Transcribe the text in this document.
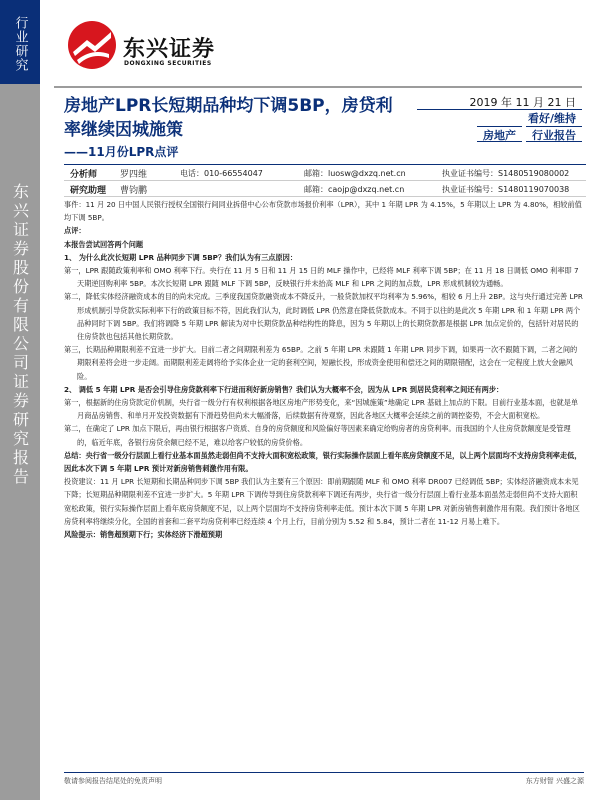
行业研究
东兴证券股份有限公司证券研究报告
东兴证券
DONGXING SECURITIES
房地产LPR长短期品种均下调5BP，房贷利率继续因城施策
——11月份LPR点评
2019 年 11 月 21 日
看好/维持
房地产	行业报告
分析师	罗四维	电话：010-66554047	邮箱：luosw@dxzq.net.cn	执业证书编号：S1480519080002
研究助理 曹钧鹏	邮箱：caojp@dxzq.net.cn	执业证书编号：S1480119070038

事件：11 月 20 日中国人民银行授权全国银行间同业拆借中心公布贷款市场报价利率（LPR），其中 1 年期 LPR 为 4.15%，5 年期以上 LPR 为 4.80%，相较前值均下调 5BP。

点评：

本报告尝试回答两个问题

1、 为什么此次长短期 LPR 品种同步下调 5BP？我们认为有三点原因：

第一，LPR 跟随政策利率和 OMO 利率下行。央行在 11 月 5 日和 11 月 15 日的 MLF 操作中，已经将 MLF 利率下调 5BP；在 11 月 18 日调低 OMO 利率即 7 天期逆回购利率 5BP。本次长短期 LPR 跟随 MLF 下调 5BP，反映银行并未抬高 MLF 和 LPR 之间的加点数，LPR 形成机制较为通畅。

第二，降低实体经济融资成本的目的尚未完成。三季度我国贷款融资成本不降反升，一般贷款加权平均利率为 5.96%，相较 6 月上升 2BP。这与央行通过完善 LPR 形成机制引导贷款实际利率下行的政策目标不符，因此我们认为，此时调低 LPR 仍然意在降低贷款成本。不同于以往的是此次 5 年期 LPR 和 1 年期 LPR 两个品种同时下调 5BP。我们将调降 5 年期 LPR 解读为对中长期贷款品种结构性的降息，因为 5 年期以上的长期贷款都是根据 LPR 加点定价的，包括针对居民的住房贷款也包括其他长期贷款。

第三，长期品种期限利差不宜进一步扩大。目前二者之间期限利差为 65BP。之前 5 年期 LPR 未跟随 1 年期 LPR 同步下调，如果再一次不跟随下调，二者之间的期限利差将会进一步走阔。而期限利差走阔将给予实体企业一定的套利空间，短融长投，形成资金使用和偿还之间的期限错配，这会在一定程度上放大金融风险。

2、 调低 5 年期 LPR 是否会引导住房贷款利率下行进而利好新房销售？我们认为大概率不会，因为从 LPR 到居民贷利率之间还有两步：

第一，根据新的住房贷款定价机制，央行省一级分行有权利根据各地区房地产形势变化，来“因城施策”地确定 LPR 基础上加点的下限。目前行业基本面，也就是单月商品房销售、和单月开发投资数据有下滑趋势但尚未大幅滑落，后续数据有待观察，因此各地区大概率会延续之前的调控姿势，不会大面积宽松。

第二，在确定了 LPR 加点下限后，再由银行根据客户资质、自身的房贷额度和风险偏好等因素来确定给购房者的房贷利率。而我国的个人住房贷款额度是受管理的，临近年底，各银行房贷余额已经不足，难以给客户较低的房贷价格。

总结：央行省一级分行层面上看行业基本面虽然走弱但尚不支持大面积宽松政策，银行实际操作层面上看年底房贷额度不足，以上两个层面均不支持房贷利率走低，因此本次下调 5 年期 LPR 预计对新房销售刺激作用有限。

投资建议：11 月 LPR 长短期和长期品种同步下调 5BP 我们认为主要有三个原因：即前期跟随 MLF 和 OMO 利率 DR007 已经调低 5BP；实体经济融资成本未见下降；长短期品种期限利差不宜进一步扩大。5 年期 LPR 下调传导到住房贷款利率下调还有两步，央行省一级分行层面上看行业基本面虽然走弱但尚不支持大面积宽松政策，银行实际操作层面上看年底房贷额度不足，以上两个层面均不支持房贷利率走低。预计本次下调 5 年期 LPR 对新房销售刺激作用有限。我们预计各地区房贷利率将继续分化，全国的首套和二套平均房贷利率已经连续 4 个月上行，目前分别为 5.52 和 5.84，预计二者在 11-12 月易上难下。

风险提示：销售超预期下行；实体经济下滑超预期

敬请参阅报告结尾处的免责声明	东方财智 兴盛之源
